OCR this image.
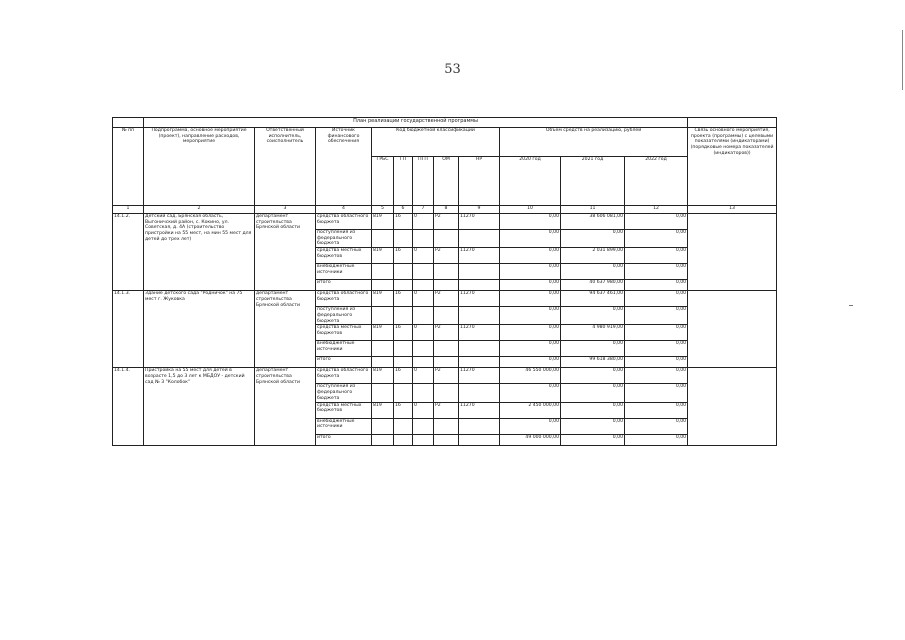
53
	План реализации государственной программы											
№ пп	Подпрограмма, основное мероприятие (проект), направление расходов, мероприятие	Ответственный исполнитель, соисполнитель	Источник финансового обеспечения	Код бюджетной классификации					Объем средств на реализацию, рублей			Связь основного мероприятия, проекта (программы) с целевыми показателями (индикаторами) (порядковые номера показателей (индикаторов))
				ГРБС	ГП	ПГП	ОМ	НР	2020 год	2021 год	2022 год	
1	2	3	4	5	6	7	8	9	10	11	12	13
14.1.2.	Детский сад, Брянская область, Выгоничский район, с. Кокино, ул. Советская, д. 4А (строительство пристройки на 55 мест, на мин 55 мест для детей до трех лет)	департамент строительства Брянской области	средства областного бюджета	819	16	0	P2	11270	0,00	38 606 081,00	0,00	
			поступления из федерального бюджета						0,00	0,00	0,00	
			средства местных бюджетов	819	16	0	P2	11270	0,00	2 031 899,00	0,00	
			внебюджетные источники						0,00	0,00	0,00	
			итого						0,00	40 637 980,00	0,00	
14.1.3.	Здание детского сада "Родничок" на 75 мест г. Жуковка	департамент строительства Брянской области	средства областного бюджета	819	16	0	P2	11270	0,00	94 637 461,00	0,00	
			поступления из федерального бюджета						0,00	0,00	0,00	
			средства местных бюджетов	819	16	0	P2	11270	0,00	4 980 919,00	0,00	
			внебюджетные источники						0,00	0,00	0,00	
			итого						0,00	99 618 380,00	0,00	
14.1.4.	Пристройка на 55 мест для детей в возрасте 1,5 до 3 лет к МБДОУ - детский сад № 3 "Колобок"	департамент строительства Брянской области	средства областного бюджета	819	16	0	P2	11270	46 550 000,00	0,00	0,00	
			поступления из федерального бюджета						0,00	0,00	0,00	
			средства местных бюджетов	819	16	0	P2	11270	2 450 000,00	0,00	0,00	
			внебюджетные источники						0,00	0,00	0,00	
			итого						49 000 000,00	0,00	0,00	
